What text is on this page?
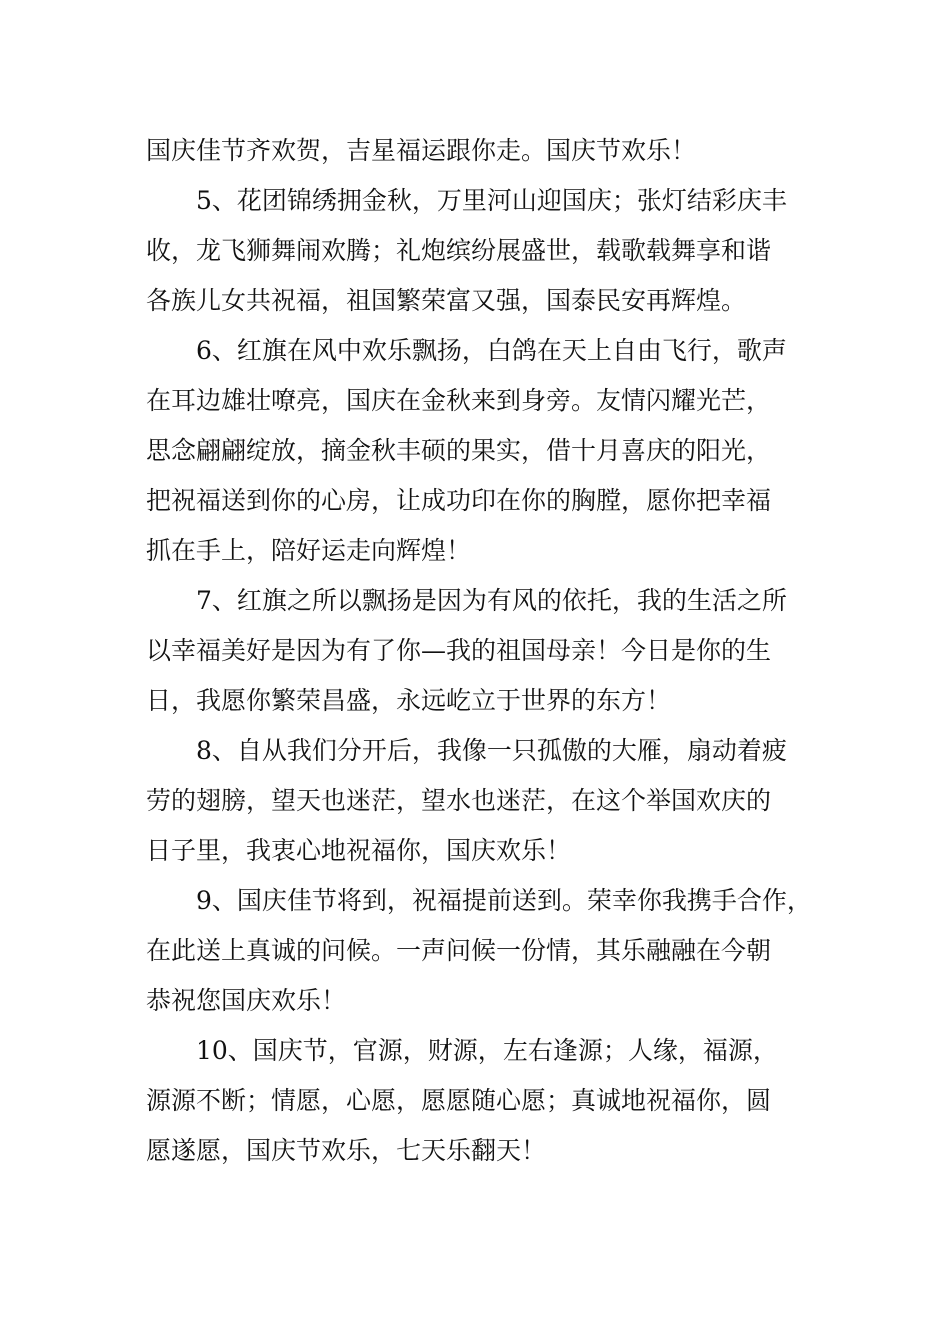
国庆佳节齐欢贺，吉星福运跟你走。国庆节欢乐！

5、花团锦绣拥金秋，万里河山迎国庆；张灯结彩庆丰

收，龙飞狮舞闹欢腾；礼炮缤纷展盛世，载歌载舞享和谐

各族儿女共祝福，祖国繁荣富又强，国泰民安再辉煌。

6、红旗在风中欢乐飘扬，白鸽在天上自由飞行，歌声

在耳边雄壮嘹亮，国庆在金秋来到身旁。友情闪耀光芒，

思念翩翩绽放，摘金秋丰硕的果实，借十月喜庆的阳光，

把祝福送到你的心房，让成功印在你的胸膛，愿你把幸福

抓在手上，陪好运走向辉煌！

7、红旗之所以飘扬是因为有风的依托，我的生活之所

以幸福美好是因为有了你—我的祖国母亲！今日是你的生

日，我愿你繁荣昌盛，永远屹立于世界的东方！

8、自从我们分开后，我像一只孤傲的大雁，扇动着疲

劳的翅膀，望天也迷茫，望水也迷茫，在这个举国欢庆的

日子里，我衷心地祝福你，国庆欢乐！

9、国庆佳节将到，祝福提前送到。荣幸你我携手合作，

在此送上真诚的问候。一声问候一份情，其乐融融在今朝

恭祝您国庆欢乐！

10、国庆节，官源，财源，左右逢源；人缘，福源，

源源不断；情愿，心愿，愿愿随心愿；真诚地祝福你，圆

愿遂愿，国庆节欢乐，七天乐翻天！
